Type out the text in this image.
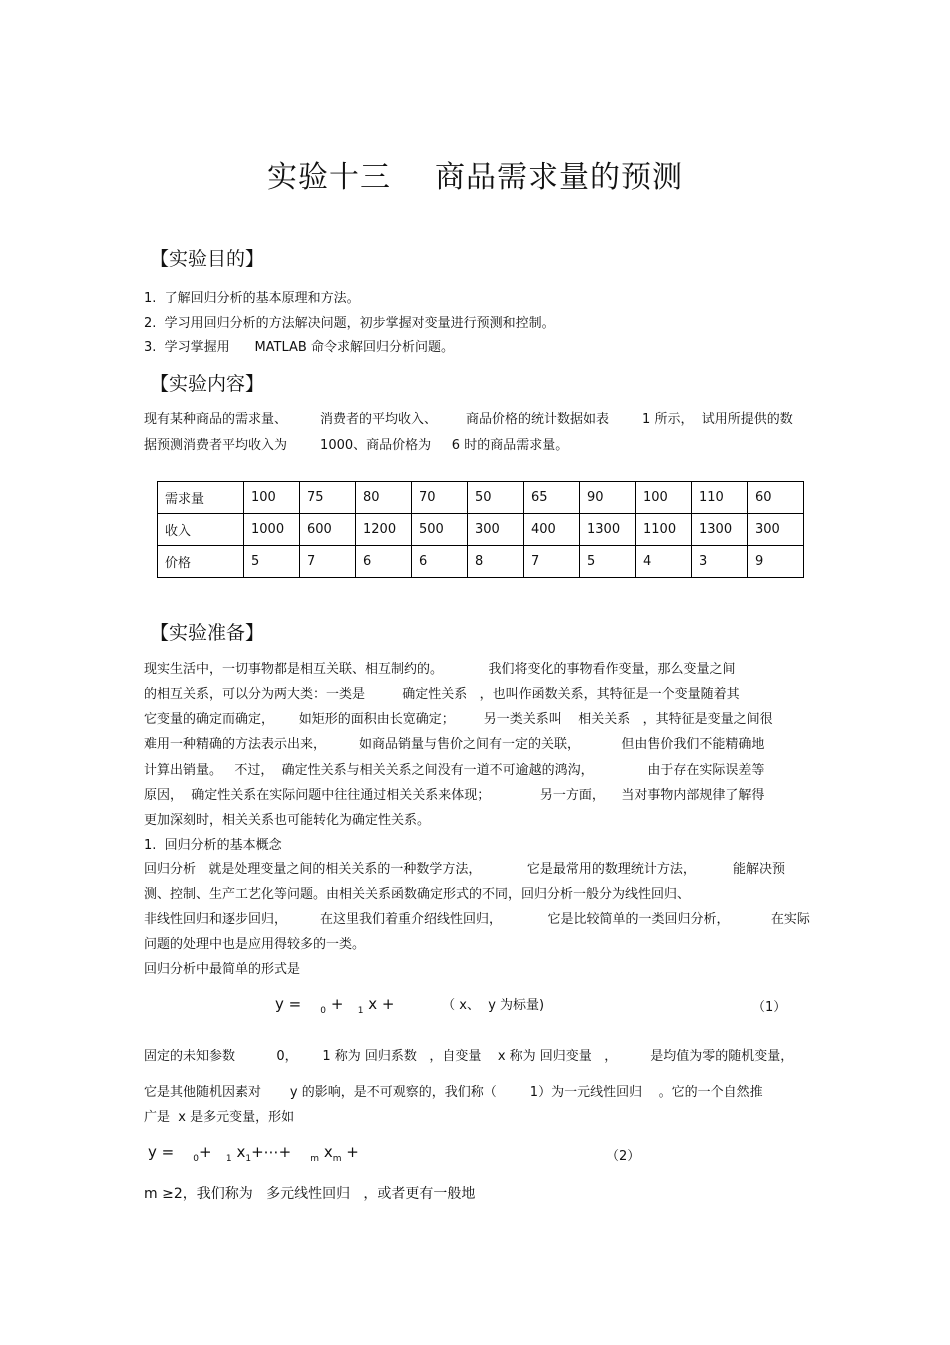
实验十三 商品需求量的预测
【实验目的】
1.  了解回归分析的基本原理和方法。
2.  学习用回归分析的方法解决问题，初步掌握对变量进行预测和控制。
3.  学习掌握用      MATLAB 命令求解回归分析问题。
【实验内容】
现有某种商品的需求量、        消费者的平均收入、       商品价格的统计数据如表        1 所示，  试用所提供的数
据预测消费者平均收入为        1000、商品价格为     6 时的商品需求量。
需求量	100	75	80	70	50	65	90	100	110	60
收入	1000	600	1200	500	300	400	1300	1100	1300	300
价格	5	7	6	6	8	7	5	4	3	9
【实验准备】
现实生活中，一切事物都是相互关联、相互制约的。           我们将变化的事物看作变量，那么变量之间
的相互关系，可以分为两大类：一类是         确定性关系   ，也叫作函数关系，其特征是一个变量随着其
它变量的确定而确定，      如矩形的面积由长宽确定；       另一类关系叫    相关关系   ，其特征是变量之间很
难用一种精确的方法表示出来，        如商品销量与售价之间有一定的关联，          但由售价我们不能精确地
计算出销量。   不过，  确定性关系与相关关系之间没有一道不可逾越的鸿沟，             由于存在实际误差等
原因，  确定性关系在实际问题中往往通过相关关系来体现；            另一方面，    当对事物内部规律了解得
更加深刻时，相关关系也可能转化为确定性关系。
1.  回归分析的基本概念
回归分析   就是处理变量之间的相关关系的一种数学方法，           它是最常用的数理统计方法，         能解决预
测、控制、生产工艺化等问题。由相关关系函数确定形式的不同，回归分析一般分为线性回归、
非线性回归和逐步回归，        在这里我们着重介绍线性回归，           它是比较简单的一类回归分析，          在实际
问题的处理中也是应用得较多的一类。
回归分析中最简单的形式是
y = $_0$ + $_1$ x +	（ x、  y 为标量)	（1）
固定的未知参数          0，      1 称为 回归系数   ，自变量    x 称为 回归变量   ，        是均值为零的随机变量，
它是其他随机因素对       y 的影响，是不可观察的，我们称（        1）为一元线性回归    。它的一个自然推
广是  x 是多元变量，形如
y = $_0$+ $_1$ $x_1+\cdots+ _m$ $x_m$ +	（2）
m ≥2，我们称为   多元线性回归   ，或者更有一般地
